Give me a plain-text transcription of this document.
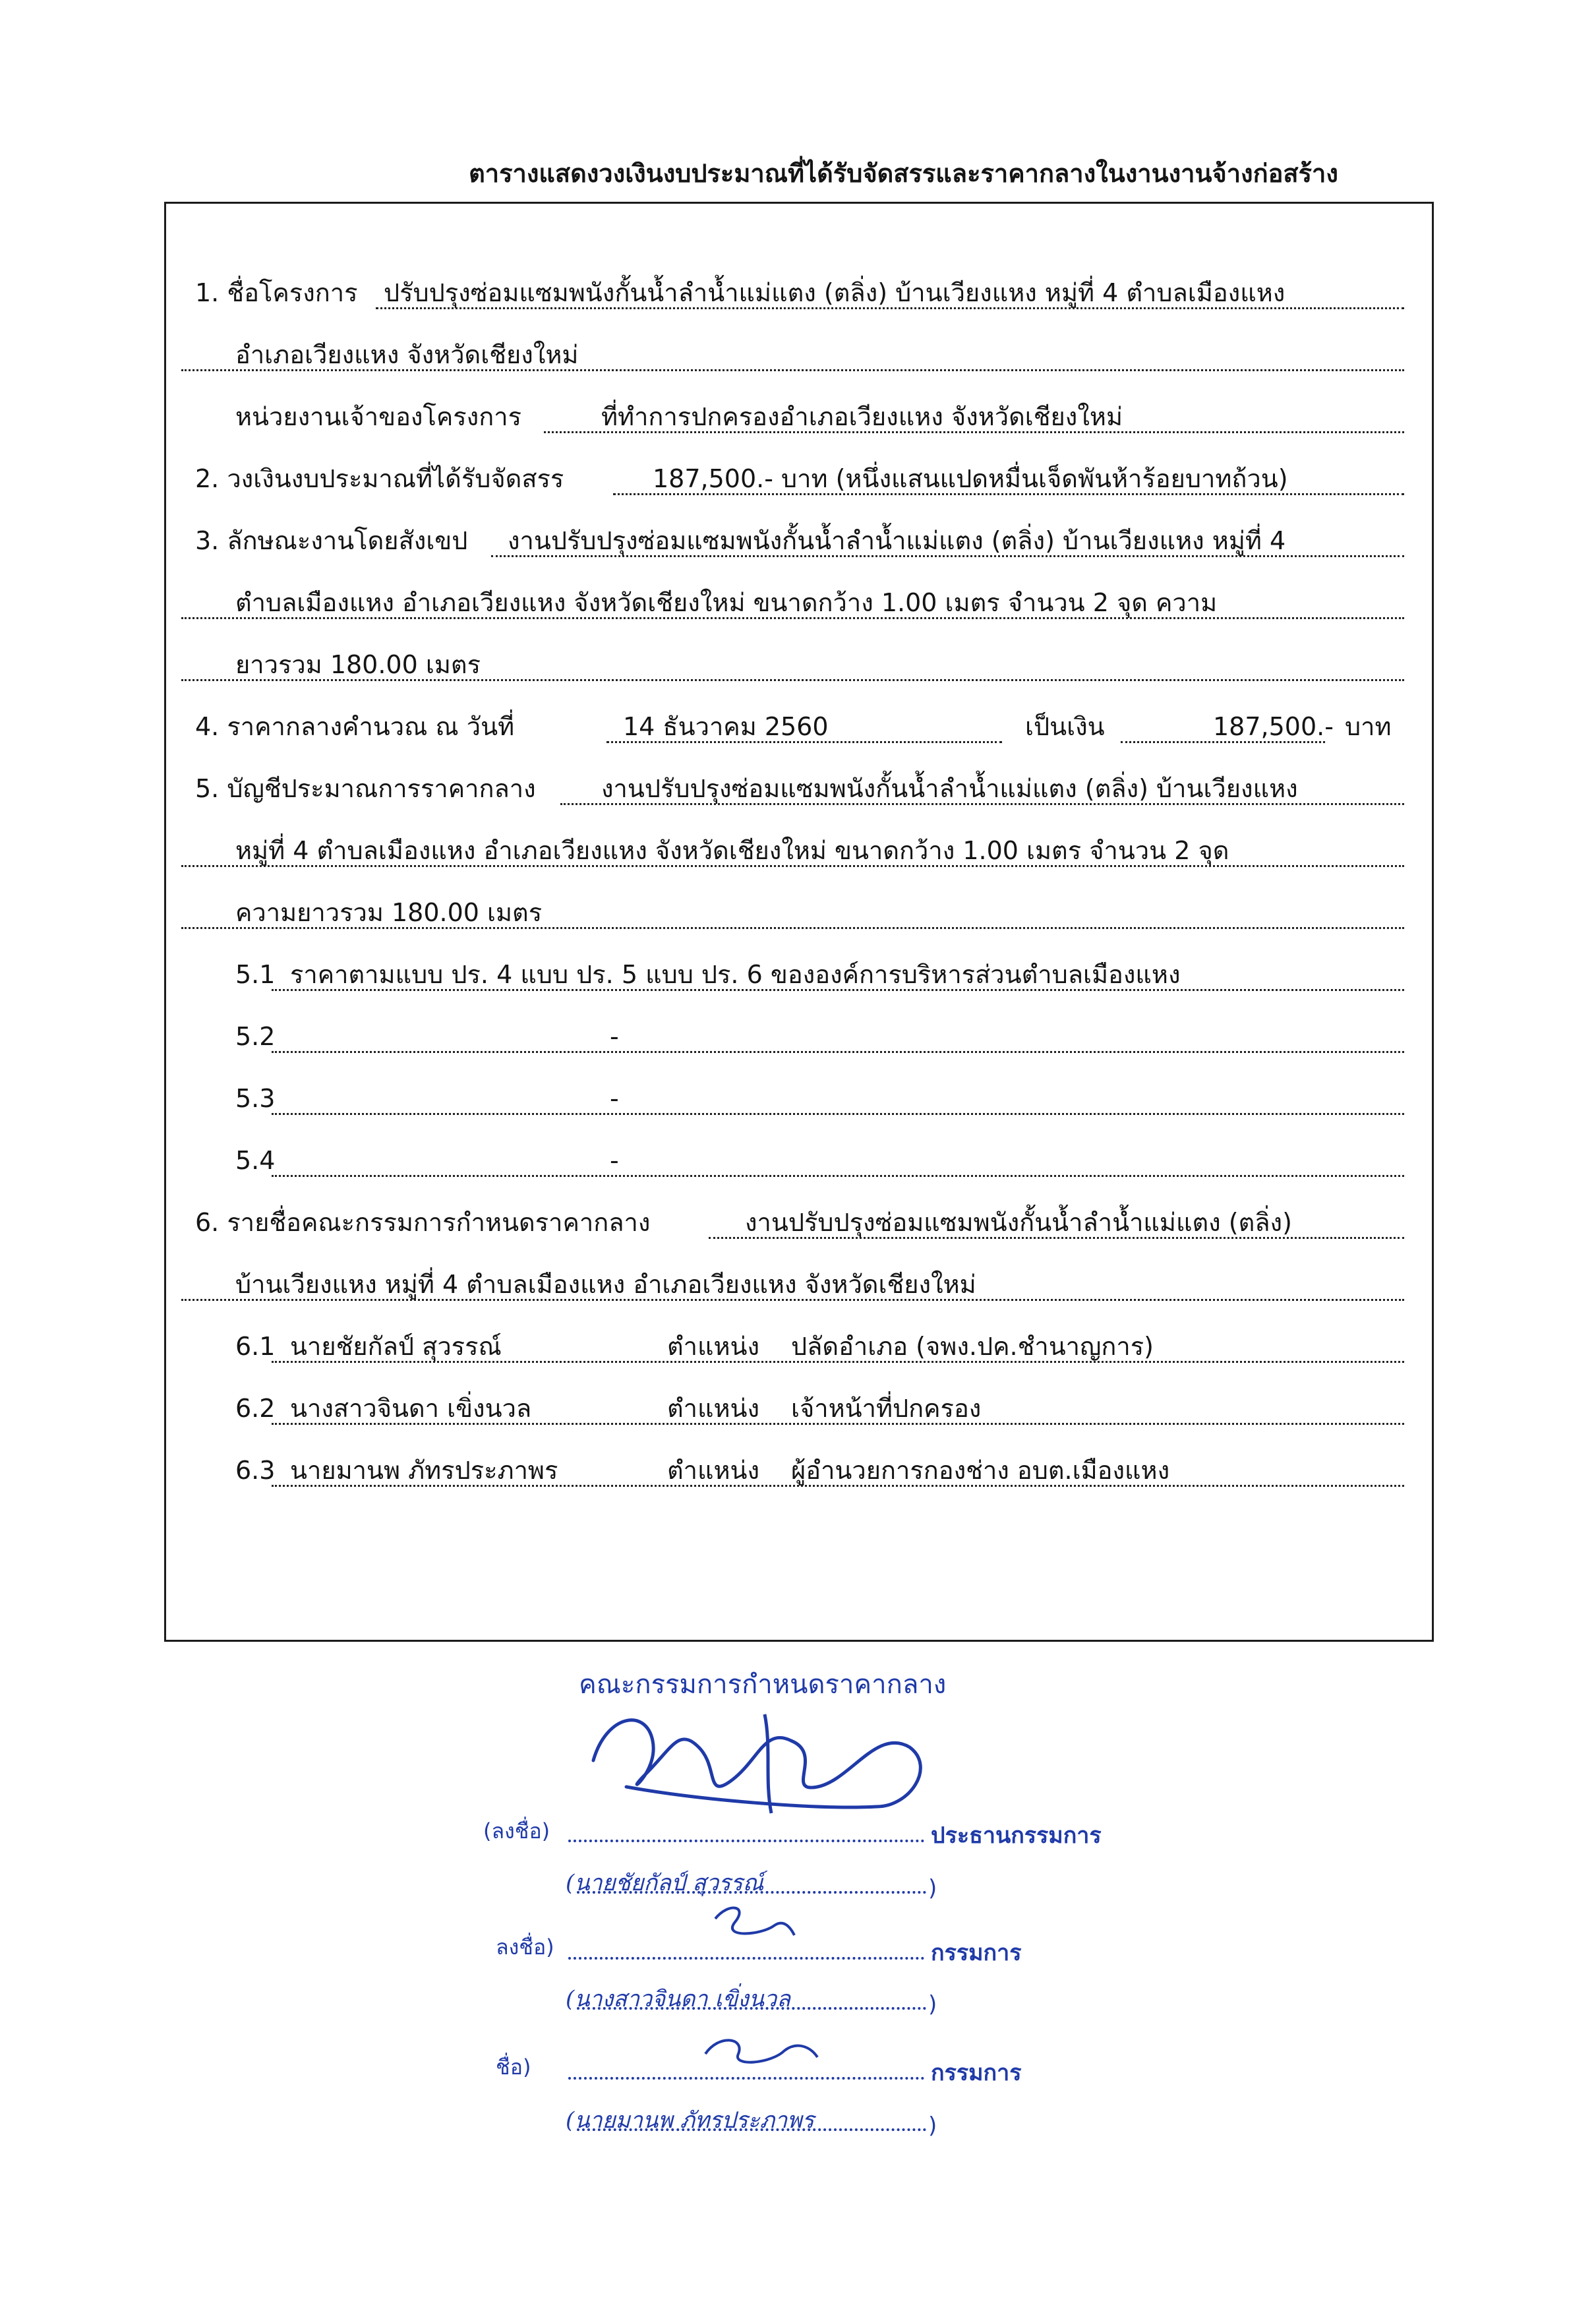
ตารางแสดงวงเงินงบประมาณที่ได้รับจัดสรรและราคากลางในงานงานจ้างก่อสร้าง
1. ชื่อโครงการ ปรับปรุงซ่อมแซมพนังกั้นน้ำลำน้ำแม่แตง (ตลิ่ง) บ้านเวียงแหง หมู่ที่ 4 ตำบลเมืองแหง
อำเภอเวียงแหง จังหวัดเชียงใหม่
หน่วยงานเจ้าของโครงการ	ที่ทำการปกครองอำเภอเวียงแหง จังหวัดเชียงใหม่
2. วงเงินงบประมาณที่ได้รับจัดสรร	187,500.- บาท (หนึ่งแสนแปดหมื่นเจ็ดพันห้าร้อยบาทถ้วน)
3. ลักษณะงานโดยสังเขป งานปรับปรุงซ่อมแซมพนังกั้นน้ำลำน้ำแม่แตง (ตลิ่ง) บ้านเวียงแหง หมู่ที่ 4
ตำบลเมืองแหง อำเภอเวียงแหง จังหวัดเชียงใหม่ ขนาดกว้าง 1.00 เมตร จำนวน 2 จุด ความ
ยาวรวม 180.00 เมตร
4. ราคากลางคำนวณ ณ วันที่	14 ธันวาคม 2560	เป็นเงิน	187,500.- บาท
5. บัญชีประมาณการราคากลาง	งานปรับปรุงซ่อมแซมพนังกั้นน้ำลำน้ำแม่แตง (ตลิ่ง) บ้านเวียงแหง
หมู่ที่ 4 ตำบลเมืองแหง อำเภอเวียงแหง จังหวัดเชียงใหม่ ขนาดกว้าง 1.00 เมตร จำนวน 2 จุด
ความยาวรวม 180.00 เมตร
5.1 ราคาตามแบบ ปร. 4 แบบ ปร. 5 แบบ ปร. 6 ขององค์การบริหารส่วนตำบลเมืองแหง
5.2	-
5.3	-
5.4	-
6. รายชื่อคณะกรรมการกำหนดราคากลาง	งานปรับปรุงซ่อมแซมพนังกั้นน้ำลำน้ำแม่แตง (ตลิ่ง)
บ้านเวียงแหง หมู่ที่ 4 ตำบลเมืองแหง อำเภอเวียงแหง จังหวัดเชียงใหม่
6.1 นายชัยกัลป์ สุวรรณ์	ตำแหน่ง ปลัดอำเภอ (จพง.ปค.ชำนาญการ)
6.2 นางสาวจินดา เขิ่งนวล	ตำแหน่ง เจ้าหน้าที่ปกครอง
6.3 นายมานพ ภัทรประภาพร	ตำแหน่ง ผู้อำนวยการกองช่าง อบต.เมืองแหง
คณะกรรมการกำหนดราคากลาง
(ลงชื่อ)	ประธานกรรมการ
(นายชัยกัลป์ สุวรรณ์	)
ลงชื่อ)	กรรมการ
(นางสาวจินดา เขิ่งนวล	)
ชื่อ)	กรรมการ
(นายมานพ ภัทรประภาพร	)
